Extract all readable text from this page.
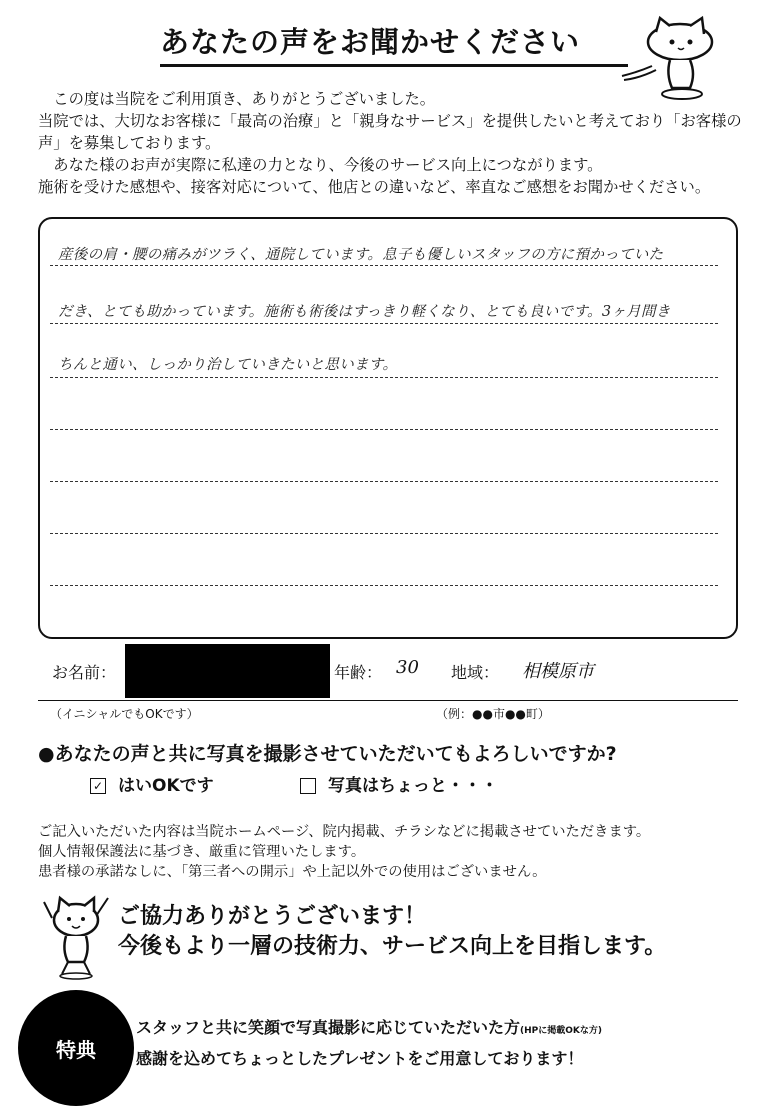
あなたの声をお聞かせください

この度は当院をご利用頂き、ありがとうございました。

当院では、大切なお客様に「最高の治療」と「親身なサービス」を提供したいと考えており「お客様の声」を募集しております。

あなた様のお声が実際に私達の力となり、今後のサービス向上につながります。

施術を受けた感想や、接客対応について、他店との違いなど、率直なご感想をお聞かせください。

産後の肩・腰の痛みがツラく、通院しています。息子も優しいスタッフの方に預かっていた
だき、とても助かっています。施術も術後はすっきり軽くなり、とても良いです。3ヶ月間き
ちんと通い、しっかり治していきたいと思います。
お名前：	年齢： 30 地域： 相模原市
（イニシャルでもOKです）	（例：●●市●●町）
●あなたの声と共に写真を撮影させていただいてもよろしいですか?
✓ はいOKです	写真はちょっと・・・

ご記入いただいた内容は当院ホームページ、院内掲載、チラシなどに掲載させていただきます。

個人情報保護法に基づき、厳重に管理いたします。

患者様の承諾なしに、「第三者への開示」や上記以外での使用はございません。

ご協力ありがとうございます！

今後もより一層の技術力、サービス向上を目指します。

特典

スタッフと共に笑顔で写真撮影に応じていただいた方(HPに掲載OKな方)

感謝を込めてちょっとしたプレゼントをご用意しております！
